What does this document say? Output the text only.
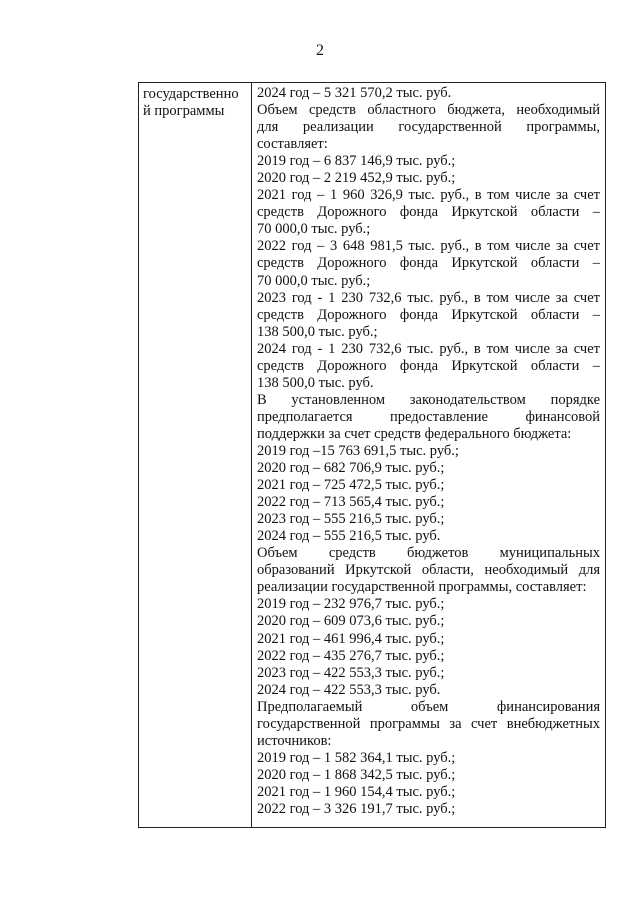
2
государственно
й программы
2024 год – 5 321 570,2 тыс. руб.
Объем средств областного бюджета, необходимый
для реализации государственной программы,
составляет:
2019 год – 6 837 146,9 тыс. руб.;
2020 год – 2 219 452,9 тыс. руб.;
2021 год – 1 960 326,9 тыс. руб., в том числе за счет
средств Дорожного фонда Иркутской области –
70 000,0 тыс. руб.;
2022 год – 3 648 981,5 тыс. руб., в том числе за счет
средств Дорожного фонда Иркутской области –
70 000,0 тыс. руб.;
2023 год - 1 230 732,6 тыс. руб., в том числе за счет
средств Дорожного фонда Иркутской области –
138 500,0 тыс. руб.;
2024 год - 1 230 732,6 тыс. руб., в том числе за счет
средств Дорожного фонда Иркутской области –
138 500,0 тыс. руб.
В установленном законодательством порядке
предполагается предоставление финансовой
поддержки за счет средств федерального бюджета:
2019 год –15 763 691,5 тыс. руб.;
2020 год – 682 706,9 тыс. руб.;
2021 год – 725 472,5 тыс. руб.;
2022 год – 713 565,4 тыс. руб.;
2023 год – 555 216,5 тыс. руб.;
2024 год – 555 216,5 тыс. руб.
Объем средств бюджетов муниципальных
образований Иркутской области, необходимый для
реализации государственной программы, составляет:
2019 год – 232 976,7 тыс. руб.;
2020 год – 609 073,6 тыс. руб.;
2021 год – 461 996,4 тыс. руб.;
2022 год – 435 276,7 тыс. руб.;
2023 год – 422 553,3 тыс. руб.;
2024 год – 422 553,3 тыс. руб.
Предполагаемый объем финансирования
государственной программы за счет внебюджетных
источников:
2019 год – 1 582 364,1 тыс. руб.;
2020 год – 1 868 342,5 тыс. руб.;
2021 год – 1 960 154,4 тыс. руб.;
2022 год – 3 326 191,7 тыс. руб.;
